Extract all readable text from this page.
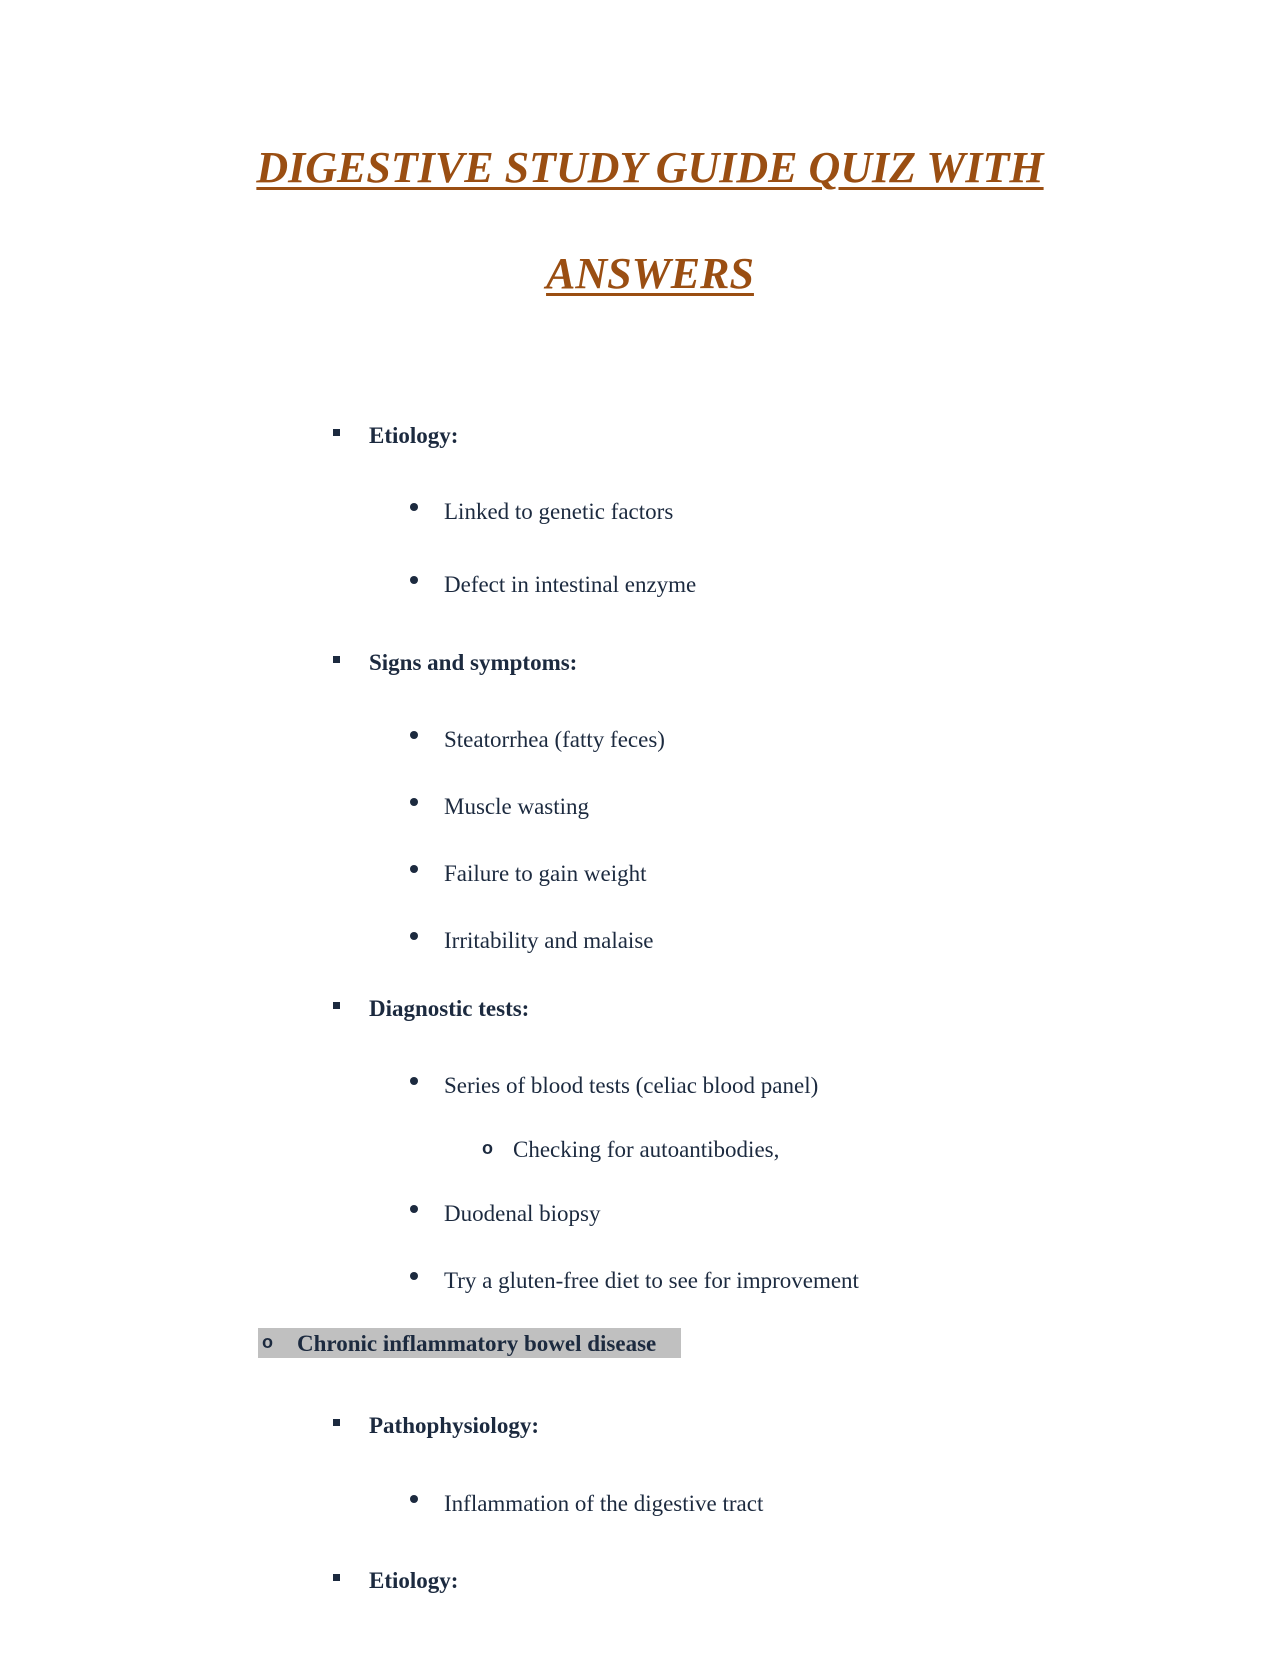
DIGESTIVE STUDY GUIDE QUIZ WITH
ANSWERS
Etiology:
Linked to genetic factors
Defect in intestinal enzyme
Signs and symptoms:
Steatorrhea (fatty feces)
Muscle wasting
Failure to gain weight
Irritability and malaise
Diagnostic tests:
Series of blood tests (celiac blood panel)
o Checking for autoantibodies,
Duodenal biopsy
Try a gluten-free diet to see for improvement
o Chronic inflammatory bowel disease
Pathophysiology:
Inflammation of the digestive tract
Etiology:
